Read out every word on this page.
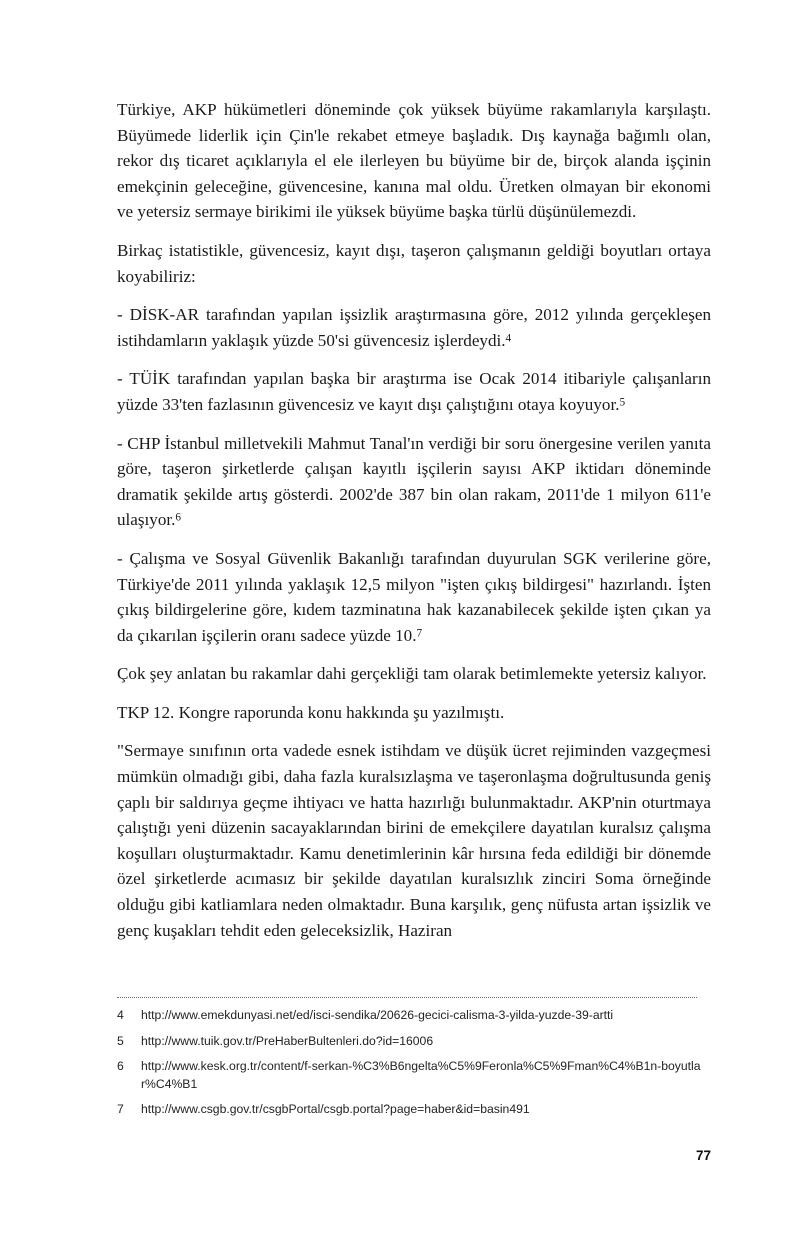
Türkiye, AKP hükümetleri döneminde çok yüksek büyüme rakamlarıyla karşılaştı. Büyümede liderlik için Çin'le rekabet etmeye başladık. Dış kaynağa bağımlı olan, rekor dış ticaret açıklarıyla el ele ilerleyen bu büyüme bir de, birçok alanda işçinin emekçinin geleceğine, güvencesine, kanına mal oldu. Üretken olmayan bir ekonomi ve yetersiz sermaye birikimi ile yüksek büyüme başka türlü düşünülemezdi.

Birkaç istatistikle, güvencesiz, kayıt dışı, taşeron çalışmanın geldiği boyutları ortaya koyabiliriz:

- DİSK-AR tarafından yapılan işsizlik araştırmasına göre, 2012 yılında gerçekleşen istihdamların yaklaşık yüzde 50'si güvencesiz işlerdeydi.$^4$

- TÜİK tarafından yapılan başka bir araştırma ise Ocak 2014 itibariyle çalışanların yüzde 33'ten fazlasının güvencesiz ve kayıt dışı çalıştığını otaya koyuyor.$^5$

- CHP İstanbul milletvekili Mahmut Tanal'ın verdiği bir soru önergesine verilen yanıta göre, taşeron şirketlerde çalışan kayıtlı işçilerin sayısı AKP iktidarı döneminde dramatik şekilde artış gösterdi. 2002'de 387 bin olan rakam, 2011'de 1 milyon 611'e ulaşıyor.$^6$

- Çalışma ve Sosyal Güvenlik Bakanlığı tarafından duyurulan SGK verilerine göre, Türkiye'de 2011 yılında yaklaşık 12,5 milyon "işten çıkış bildirgesi" hazırlandı. İşten çıkış bildirgelerine göre, kıdem tazminatına hak kazanabilecek şekilde işten çıkan ya da çıkarılan işçilerin oranı sadece yüzde 10.$^7$

Çok şey anlatan bu rakamlar dahi gerçekliği tam olarak betimlemekte yetersiz kalıyor.

TKP 12. Kongre raporunda konu hakkında şu yazılmıştı.

"Sermaye sınıfının orta vadede esnek istihdam ve düşük ücret rejiminden vazgeçmesi mümkün olmadığı gibi, daha fazla kuralsızlaşma ve taşeronlaşma doğrultusunda geniş çaplı bir saldırıya geçme ihtiyacı ve hatta hazırlığı bulunmaktadır. AKP'nin oturtmaya çalıştığı yeni düzenin sacayaklarından birini de emekçilere dayatılan kuralsız çalışma koşulları oluşturmaktadır. Kamu denetimlerinin kâr hırsına feda edildiği bir dönemde özel şirketlerde acımasız bir şekilde dayatılan kuralsızlık zinciri Soma örneğinde olduğu gibi katliamlara neden olmaktadır. Buna karşılık, genç nüfusta artan işsizlik ve genç kuşakları tehdit eden geleceksizlik, Haziran

4	http://www.emekdunyasi.net/ed/isci-sendika/20626-gecici-calisma-3-yilda-yuzde-39-artti
5	http://www.tuik.gov.tr/PreHaberBultenleri.do?id=16006
6	http://www.kesk.org.tr/content/f-serkan-%C3%B6ngelta%C5%9Feronla%C5%9Fman%C4%B1n-boyutlar%C4%B1
7	http://www.csgb.gov.tr/csgbPortal/csgb.portal?page=haber&id=basin491
77
